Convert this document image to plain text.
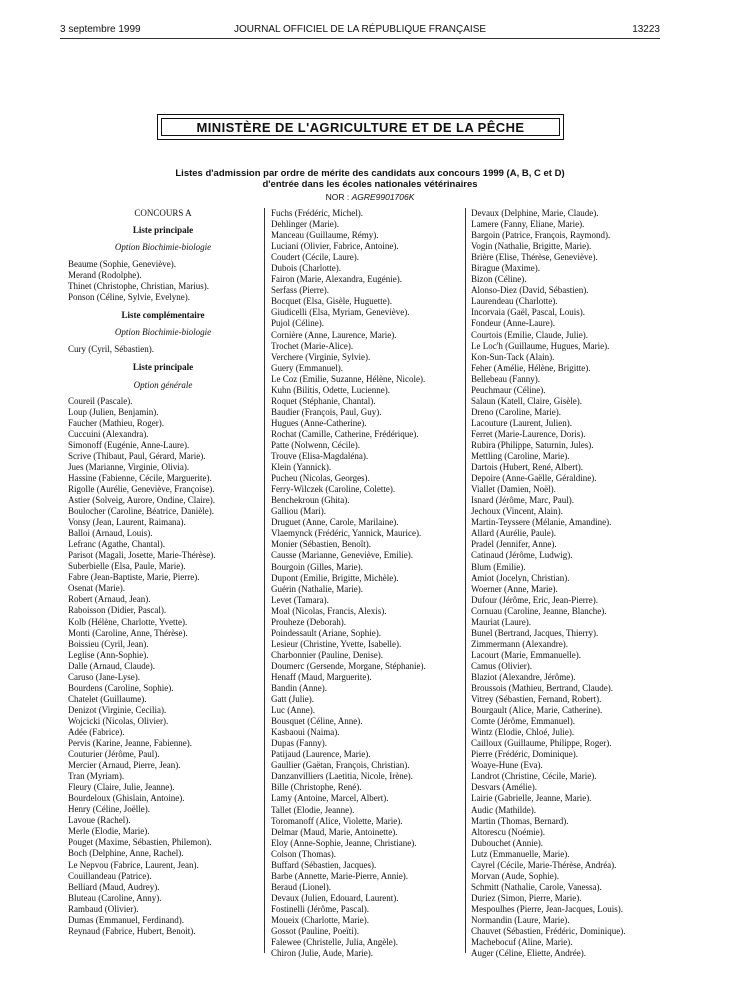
3 septembre 1999	JOURNAL OFFICIEL DE LA RÉPUBLIQUE FRANÇAISE	13223
MINISTÈRE DE L'AGRICULTURE ET DE LA PÊCHE
Listes d'admission par ordre de mérite des candidats aux concours 1999 (A, B, C et D)
d'entrée dans les écoles nationales vétérinaires
NOR : AGRE9901706K
CONCOURS A
Liste principale
Option Biochimie-biologie
Beaume (Sophie, Geneviève).
Merand (Rodolphe).
Thinet (Christophe, Christian, Marius).
Ponson (Céline, Sylvie, Evelyne).
Liste complémentaire
Option Biochimie-biologie
Cury (Cyril, Sébastien).
Liste principale
Option générale
Coureil (Pascale).
Loup (Julien, Benjamin).
Faucher (Mathieu, Roger).
Cuccuini (Alexandra).
Simonoff (Eugénie, Anne-Laure).
Scrive (Thibaut, Paul, Gérard, Marie).
Jues (Marianne, Virginie, Olivia).
Hassine (Fabienne, Cécile, Marguerite).
Rigolle (Aurélie, Geneviève, Françoise).
Astier (Solveig, Aurore, Ondine, Claire).
Boulocher (Caroline, Béatrice, Danièle).
Vonsy (Jean, Laurent, Raimana).
Balloi (Arnaud, Louis).
Lefranc (Agathe, Chantal).
Parisot (Magali, Josette, Marie-Thérèse).
Suberbielle (Elsa, Paule, Marie).
Fabre (Jean-Baptiste, Marie, Pierre).
Osenat (Marie).
Robert (Arnaud, Jean).
Raboisson (Didier, Pascal).
Kolb (Hélène, Charlotte, Yvette).
Monti (Caroline, Anne, Thérèse).
Boissieu (Cyril, Jean).
Leglise (Ann-Sophie).
Dalle (Arnaud, Claude).
Caruso (Jane-Lyse).
Bourdens (Caroline, Sophie).
Chatelet (Guillaume).
Denizot (Virginie, Cecilia).
Wojcicki (Nicolas, Olivier).
Adée (Fabrice).
Pervis (Karine, Jeanne, Fabienne).
Couturier (Jérôme, Paul).
Mercier (Arnaud, Pierre, Jean).
Tran (Myriam).
Fleury (Claire, Julie, Jeanne).
Bourdeloux (Ghislain, Antoine).
Henry (Céline, Joëlle).
Lavoue (Rachel).
Merle (Elodie, Marie).
Pouget (Maxime, Sébastien, Philemon).
Boch (Delphine, Anne, Rachel).
Le Nepvou (Fabrice, Laurent, Jean).
Couillandeau (Patrice).
Belliard (Maud, Audrey).
Bluteau (Caroline, Anny).
Rambaud (Olivier).
Dumas (Emmanuel, Ferdinand).
Reynaud (Fabrice, Hubert, Benoit).
Fuchs (Frédéric, Michel).
Dehlinger (Marie).
Manceau (Guillaume, Rémy).
Luciani (Olivier, Fabrice, Antoine).
Coudert (Cécile, Laure).
Dubois (Charlotte).
Fairon (Marie, Alexandra, Eugénie).
Serfass (Pierre).
Bocquet (Elsa, Gisèle, Huguette).
Giudicelli (Elsa, Myriam, Geneviève).
Pujol (Céline).
Cornière (Anne, Laurence, Marie).
Trochet (Marie-Alice).
Verchere (Virginie, Sylvie).
Guery (Emmanuel).
Le Coz (Emilie, Suzanne, Hélène, Nicole).
Kuhn (Bilitis, Odette, Lucienne).
Roquet (Stéphanie, Chantal).
Baudier (François, Paul, Guy).
Hugues (Anne-Catherine).
Rochat (Camille, Catherine, Frédérique).
Patte (Nolwenn, Cécile).
Trouve (Elisa-Magdaléna).
Klein (Yannick).
Pucheu (Nicolas, Georges).
Ferry-Wilczek (Caroline, Colette).
Benchekroun (Ghita).
Galliou (Mari).
Druguet (Anne, Carole, Marilaine).
Vlaemynck (Frédéric, Yannick, Maurice).
Monier (Sébastien, Benoît).
Causse (Marianne, Geneviève, Emilie).
Bourgoin (Gilles, Marie).
Dupont (Emilie, Brigitte, Michèle).
Guérin (Nathalie, Marie).
Levet (Tamara).
Moal (Nicolas, Francis, Alexis).
Prouheze (Deborah).
Poindessault (Ariane, Sophie).
Lesieur (Christine, Yvette, Isabelle).
Charbonnier (Pauline, Denise).
Doumerc (Gersende, Morgane, Stéphanie).
Henaff (Maud, Marguerite).
Bandin (Anne).
Gatt (Julie).
Luc (Anne).
Bousquet (Céline, Anne).
Kasbaoui (Naima).
Dupas (Fanny).
Patijaud (Laurence, Marie).
Gaullier (Gaëtan, François, Christian).
Danzanvilliers (Laetitia, Nicole, Irène).
Bille (Christophe, René).
Lamy (Antoine, Marcel, Albert).
Tallet (Elodie, Jeanne).
Toromanoff (Alice, Violette, Marie).
Delmar (Maud, Marie, Antoinette).
Eloy (Anne-Sophie, Jeanne, Christiane).
Colson (Thomas).
Buffard (Sébastien, Jacques).
Barbe (Annette, Marie-Pierre, Annie).
Beraud (Lionel).
Devaux (Julien, Edouard, Laurent).
Fostinelli (Jérôme, Pascal).
Moueix (Charlotte, Marie).
Gossot (Pauline, Poeïti).
Falewee (Christelle, Julia, Angèle).
Chiron (Julie, Aude, Marie).
Devaux (Delphine, Marie, Claude).
Lamere (Fanny, Eliane, Marie).
Bargoin (Patrice, François, Raymond).
Vogin (Nathalie, Brigitte, Marie).
Brière (Elise, Thérèse, Geneviève).
Birague (Maxime).
Bizon (Céline).
Alonso-Diez (David, Sébastien).
Laurendeau (Charlotte).
Incorvaia (Gaël, Pascal, Louis).
Fondeur (Anne-Laure).
Courtois (Emilie, Claude, Julie).
Le Loc'h (Guillaume, Hugues, Marie).
Kon-Sun-Tack (Alain).
Feher (Amélie, Hélène, Brigitte).
Bellebeau (Fanny).
Peuchmaur (Céline).
Salaun (Katell, Claire, Gisèle).
Dreno (Caroline, Marie).
Lacouture (Laurent, Julien).
Ferret (Marie-Laurence, Doris).
Rubira (Philippe, Saturnin, Jules).
Mettling (Caroline, Marie).
Dartois (Hubert, René, Albert).
Depoire (Anne-Gaëlle, Géraldine).
Viallet (Damien, Noël).
Isnard (Jérôme, Marc, Paul).
Jechoux (Vincent, Alain).
Martin-Teyssere (Mélanie, Amandine).
Allard (Aurélie, Paule).
Pradel (Jennifer, Anne).
Catinaud (Jérôme, Ludwig).
Blum (Emilie).
Amiot (Jocelyn, Christian).
Woerner (Anne, Marie).
Dufour (Jérôme, Eric, Jean-Pierre).
Cornuau (Caroline, Jeanne, Blanche).
Mauriat (Laure).
Bunel (Bertrand, Jacques, Thierry).
Zimmermann (Alexandre).
Lacourt (Marie, Emmanuelle).
Camus (Olivier).
Blaziot (Alexandre, Jérôme).
Broussois (Mathieu, Bertrand, Claude).
Vitrey (Sébastien, Fernand, Robert).
Bourgault (Alice, Marie, Catherine).
Comte (Jérôme, Emmanuel).
Wintz (Elodie, Chloé, Julie).
Cailloux (Guillaume, Philippe, Roger).
Pierre (Frédéric, Dominique).
Woaye-Hune (Eva).
Landrot (Christine, Cécile, Marie).
Desvars (Amélie).
Lairie (Gabrielle, Jeanne, Marie).
Audic (Mathilde).
Martin (Thomas, Bernard).
Altorescu (Noémie).
Dubouchet (Annie).
Lutz (Emmanuelle, Marie).
Cayrel (Cécile, Marie-Thérèse, Andréa).
Morvan (Aude, Sophie).
Schmitt (Nathalie, Carole, Vanessa).
Duriez (Simon, Pierre, Marie).
Mespoulhes (Pierre, Jean-Jacques, Louis).
Normandin (Laure, Marie).
Chauvet (Sébastien, Frédéric, Dominique).
Machebocuf (Aline, Marie).
Auger (Céline, Eliette, Andrée).
